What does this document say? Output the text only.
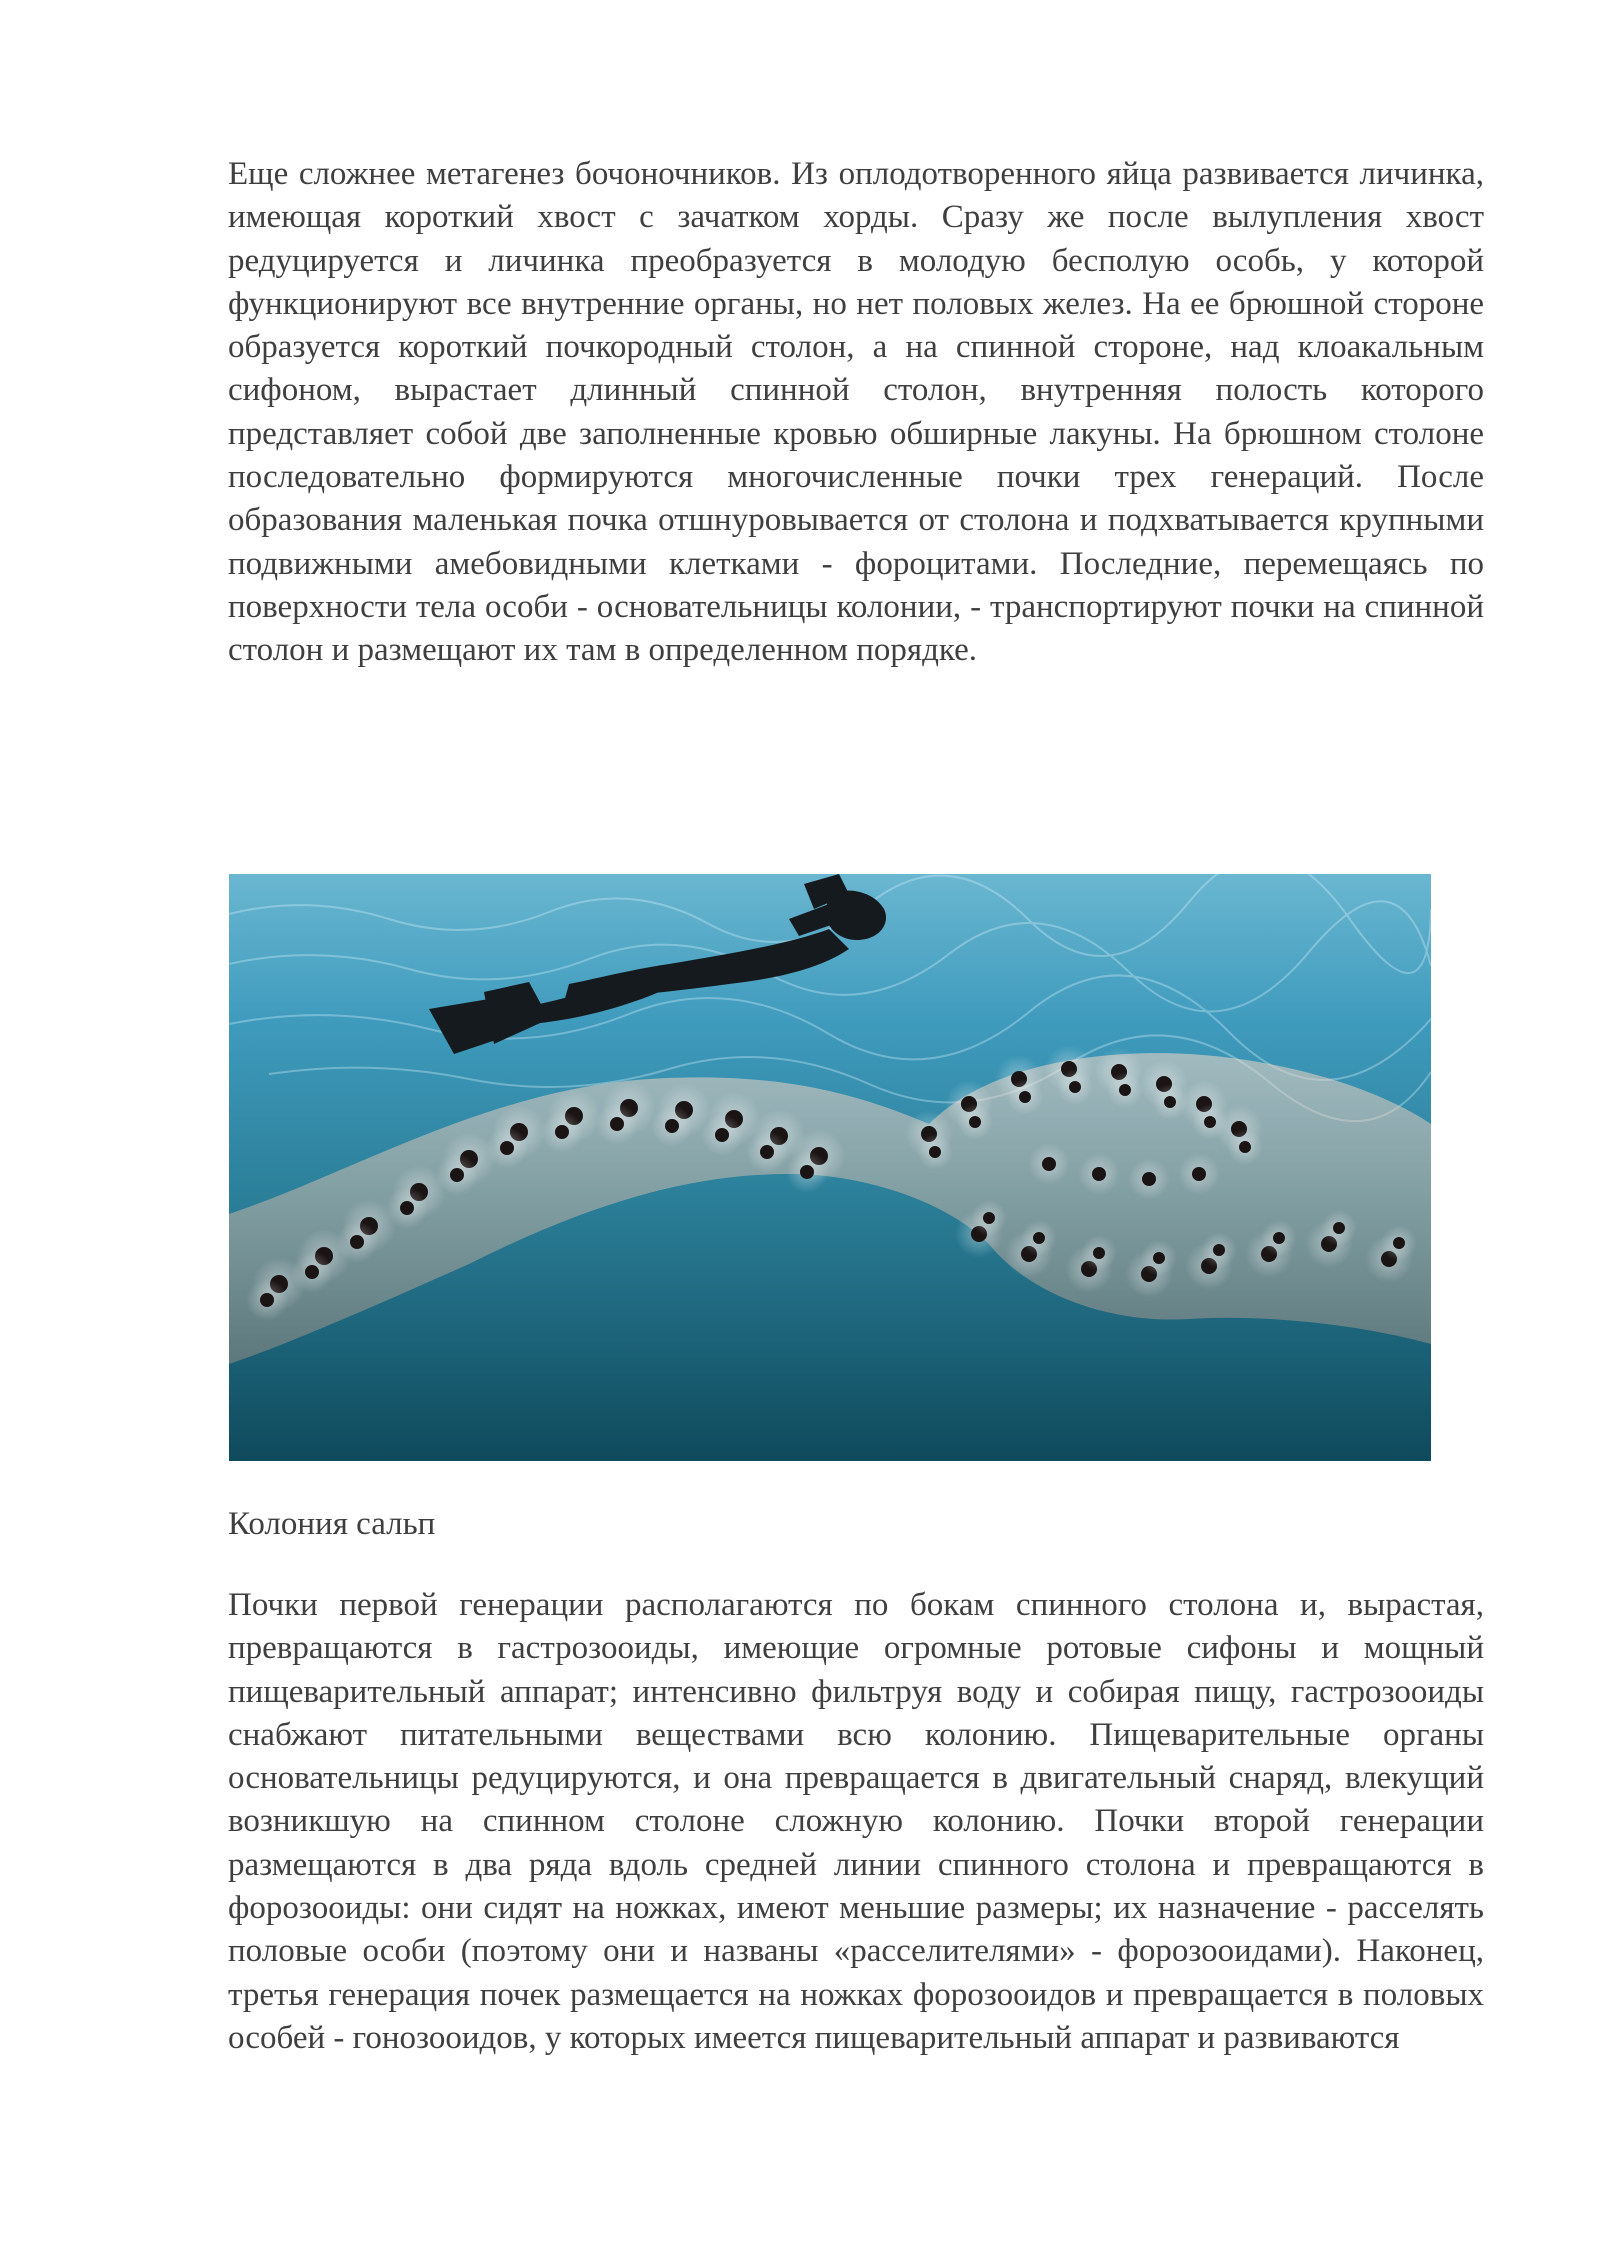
Еще сложнее метагенез бочоночников. Из оплодотворенного яйца развивается личинка, имеющая короткий хвост с зачатком хорды. Сразу же после вылупления хвост редуцируется и личинка преобразуется в молодую бесполую особь, у которой функционируют все внутренние органы, но нет половых желез. На ее брюшной стороне образуется короткий почкородный столон, а на спинной стороне, над клоакальным сифоном, вырастает длинный спинной столон, внутренняя полость которого представляет собой две заполненные кровью обширные лакуны. На брюшном столоне последовательно формируются многочисленные почки трех генераций. После образования маленькая почка отшнуровывается от столона и подхватывается крупными подвижными амебовидными клетками - фороцитами. Последние, перемещаясь по поверхности тела особи - основательницы колонии, - транспортируют почки на спинной столон и размещают их там в определенном порядке.

Колония сальп

Почки первой генерации располагаются по бокам спинного столона и, вырастая, превращаются в гастрозооиды, имеющие огромные ротовые сифоны и мощный пищеварительный аппарат; интенсивно фильтруя воду и собирая пищу, гастрозооиды снабжают питательными веществами всю колонию. Пищеварительные органы основательницы редуцируются, и она превращается в двигательный снаряд, влекущий возникшую на спинном столоне сложную колонию. Почки второй генерации размещаются в два ряда вдоль средней линии спинного столона и превращаются в форозооиды: они сидят на ножках, имеют меньшие размеры; их назначение - расселять половые особи (поэтому они и названы «расселителями» - форозооидами). Наконец, третья генерация почек размещается на ножках форозооидов и превращается в половых особей - гонозооидов, у которых имеется пищеварительный аппарат и развиваются
